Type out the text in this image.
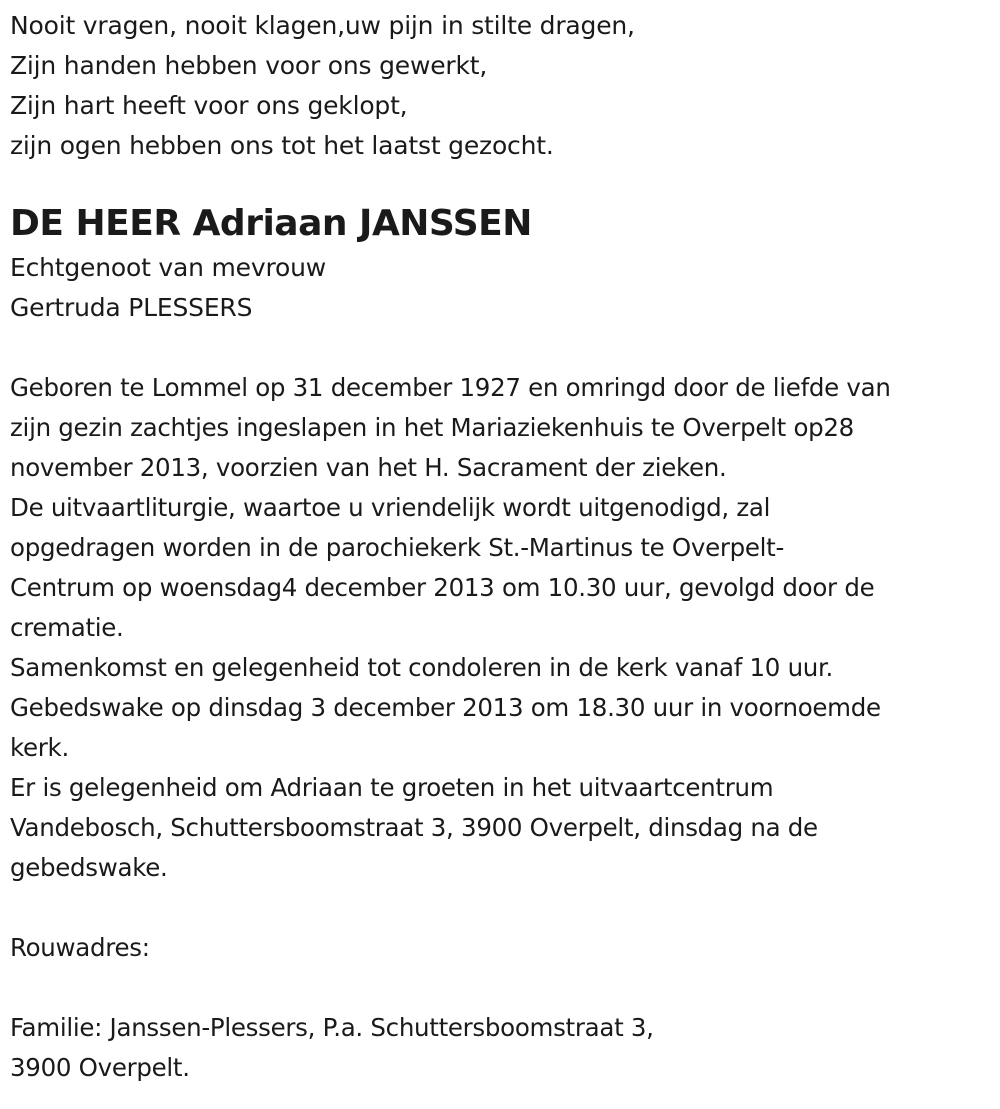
Nooit vragen, nooit klagen,uw pijn in stilte dragen,
Zijn handen hebben voor ons gewerkt,
Zijn hart heeft voor ons geklopt,
zijn ogen hebben ons tot het laatst gezocht.
DE HEER Adriaan JANSSEN
Echtgenoot van mevrouw
Gertruda PLESSERS
Geboren te Lommel op 31 december 1927 en omringd door de liefde van
zijn gezin zachtjes ingeslapen in het Mariaziekenhuis te Overpelt op28
november 2013, voorzien van het H. Sacrament der zieken.
De uitvaartliturgie, waartoe u vriendelijk wordt uitgenodigd, zal
opgedragen worden in de parochiekerk St.-Martinus te Overpelt-
Centrum op woensdag4 december 2013 om 10.30 uur, gevolgd door de
crematie.
Samenkomst en gelegenheid tot condoleren in de kerk vanaf 10 uur.
Gebedswake op dinsdag 3 december 2013 om 18.30 uur in voornoemde
kerk.
Er is gelegenheid om Adriaan te groeten in het uitvaartcentrum
Vandebosch, Schuttersboomstraat 3, 3900 Overpelt, dinsdag na de
gebedswake.
Rouwadres:
Familie: Janssen-Plessers, P.a. Schuttersboomstraat 3,
3900 Overpelt.
